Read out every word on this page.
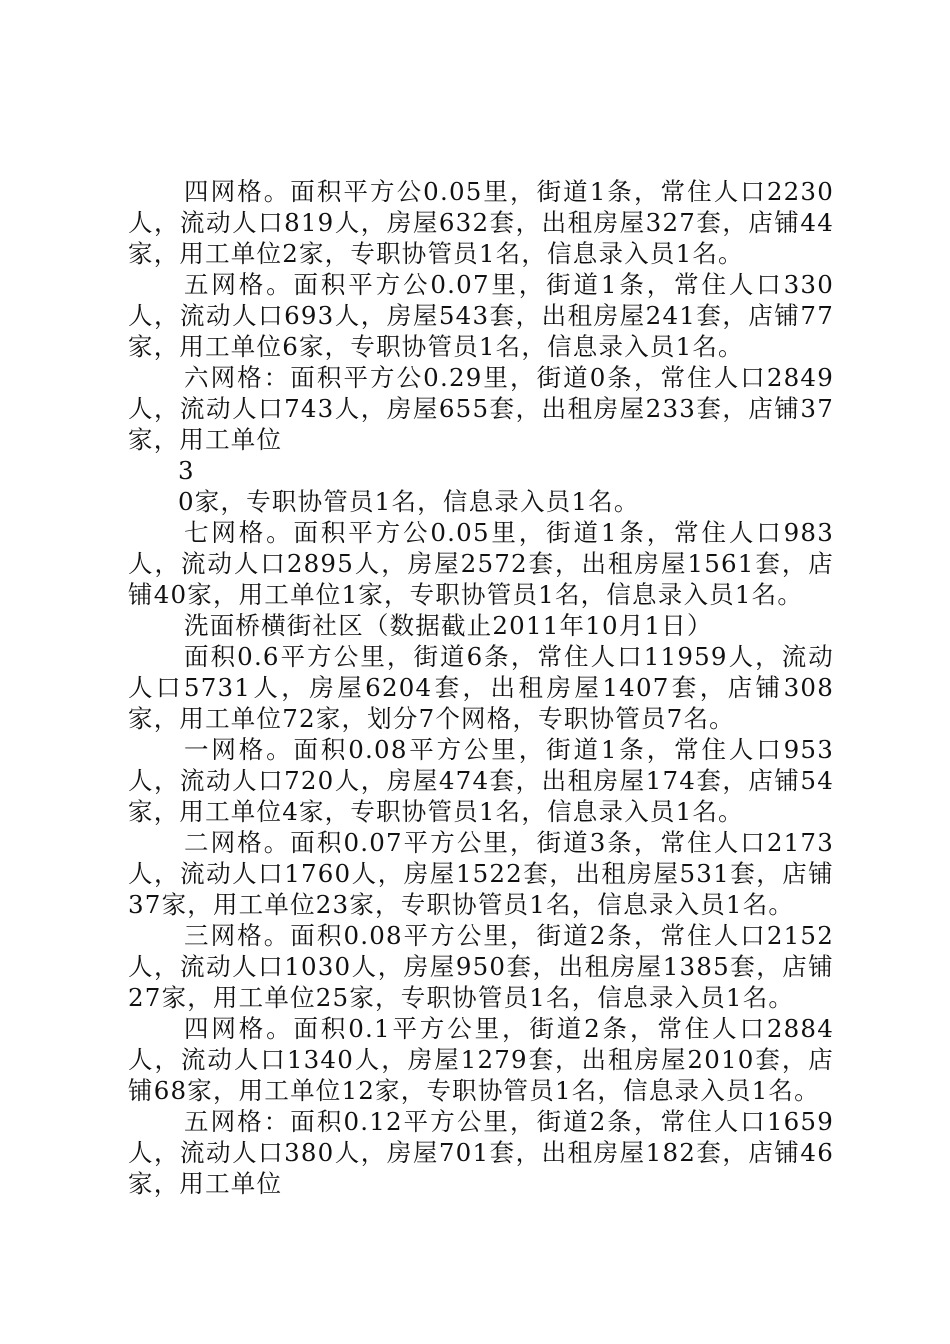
四网格。面积平方公0.05里，街道1条，常住人口2230人，流动人口819人，房屋632套，出租房屋327套，店铺44家，用工单位2家，专职协管员1名，信息录入员1名。

五网格。面积平方公0.07里，街道1条，常住人口330人，流动人口693人，房屋543套，出租房屋241套，店铺77家，用工单位6家，专职协管员1名，信息录入员1名。

六网格：面积平方公0.29里，街道0条，常住人口2849人，流动人口743人，房屋655套，出租房屋233套，店铺37家，用工单位

3

0家，专职协管员1名，信息录入员1名。

七网格。面积平方公0.05里，街道1条，常住人口983人，流动人口2895人，房屋2572套，出租房屋1561套，店铺40家，用工单位1家，专职协管员1名，信息录入员1名。

洗面桥横街社区（数据截止2011年10月1日）

面积0.6平方公里，街道6条，常住人口11959人，流动人口5731人，房屋6204套，出租房屋1407套，店铺308家，用工单位72家，划分7个网格，专职协管员7名。

一网格。面积0.08平方公里，街道1条，常住人口953人，流动人口720人，房屋474套，出租房屋174套，店铺54家，用工单位4家，专职协管员1名，信息录入员1名。

二网格。面积0.07平方公里，街道3条，常住人口2173人，流动人口1760人，房屋1522套，出租房屋531套，店铺37家，用工单位23家，专职协管员1名，信息录入员1名。

三网格。面积0.08平方公里，街道2条，常住人口2152人，流动人口1030人，房屋950套，出租房屋1385套，店铺27家，用工单位25家，专职协管员1名，信息录入员1名。

四网格。面积0.1平方公里，街道2条，常住人口2884人，流动人口1340人，房屋1279套，出租房屋2010套，店铺68家，用工单位12家，专职协管员1名，信息录入员1名。

五网格：面积0.12平方公里，街道2条，常住人口1659人，流动人口380人，房屋701套，出租房屋182套，店铺46家，用工单位
